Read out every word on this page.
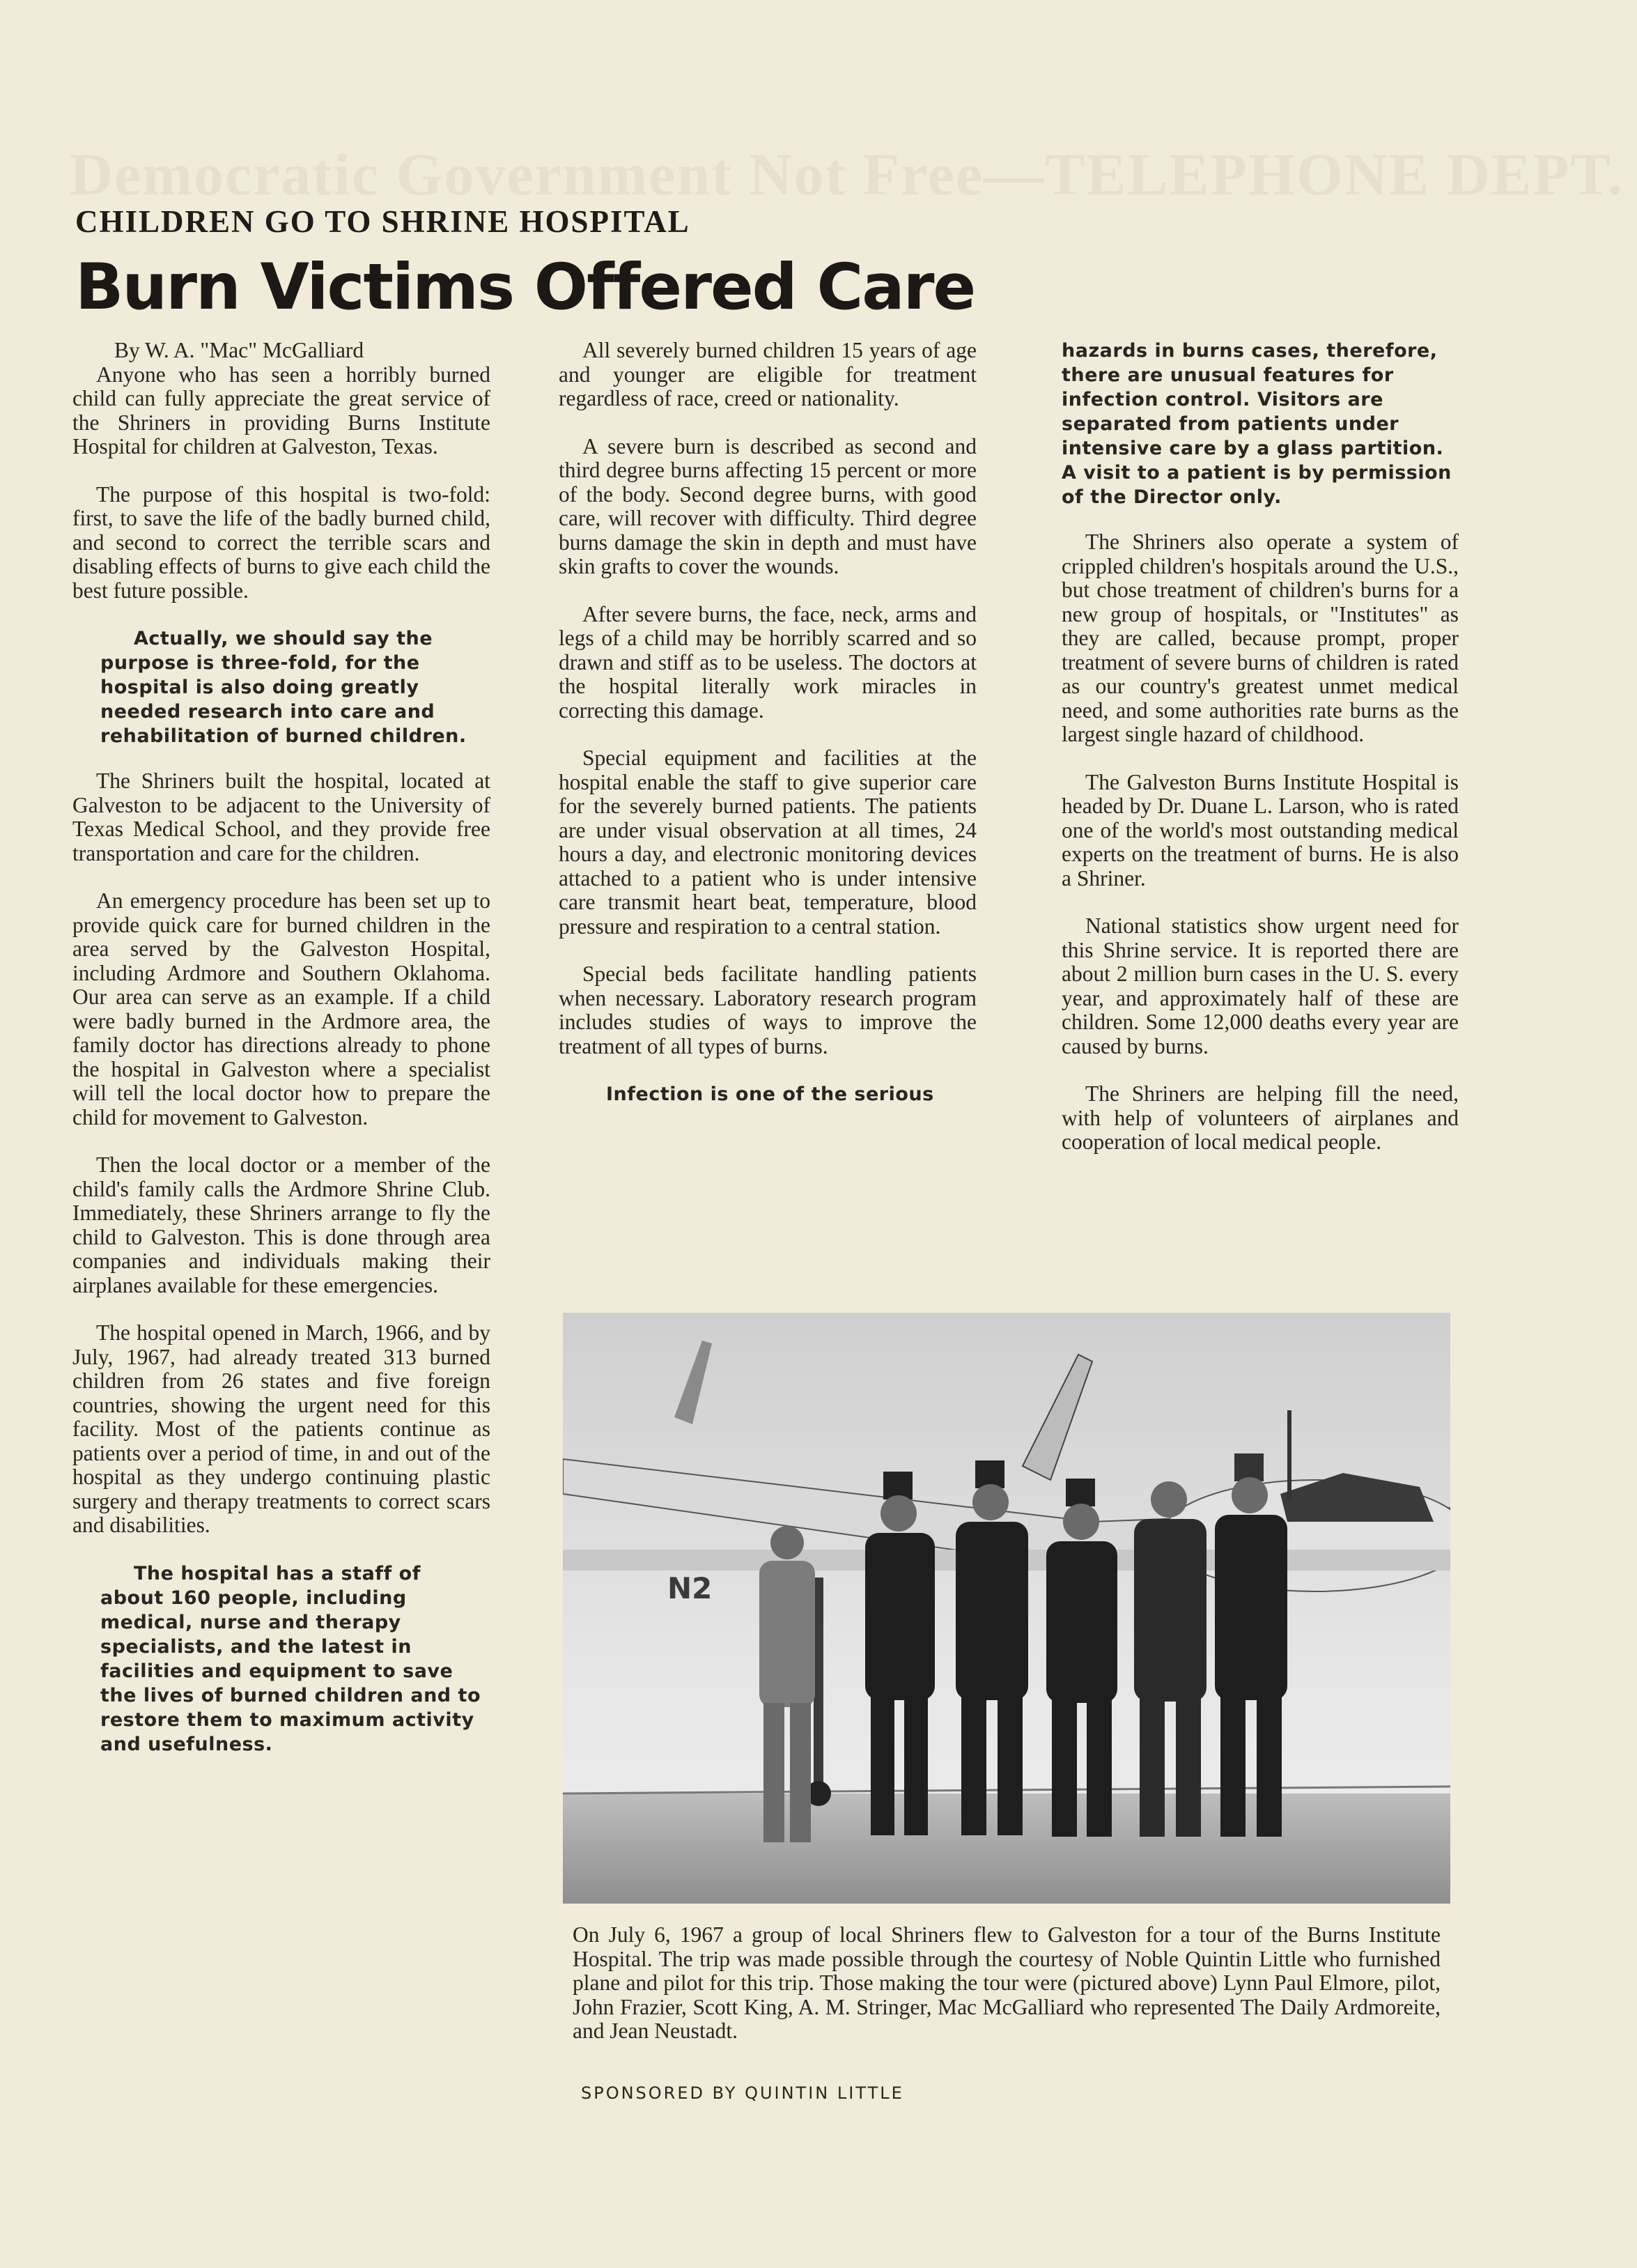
Democratic Government Not Free—TELEPHONE DEPT.
CHILDREN GO TO SHRINE HOSPITAL
Burn Victims Offered Care

By W. A. "Mac" McGalliard

Anyone who has seen a horribly burned child can fully appreciate the great service of the Shriners in providing Burns Institute Hospital for children at Galveston, Texas.

The purpose of this hospital is two-fold: first, to save the life of the badly burned child, and second to correct the terrible scars and disabling effects of burns to give each child the best future possible.

Actually, we should say the purpose is three-fold, for the hospital is also doing greatly needed research into care and rehabilitation of burned children.

The Shriners built the hospital, located at Galveston to be adjacent to the University of Texas Medical School, and they provide free transportation and care for the children.

An emergency procedure has been set up to provide quick care for burned children in the area served by the Galveston Hospital, including Ardmore and Southern Oklahoma. Our area can serve as an example. If a child were badly burned in the Ardmore area, the family doctor has directions already to phone the hospital in Galveston where a specialist will tell the local doctor how to prepare the child for movement to Galveston.

Then the local doctor or a member of the child's family calls the Ardmore Shrine Club. Immediately, these Shriners arrange to fly the child to Galveston. This is done through area companies and individuals making their airplanes available for these emergencies.

The hospital opened in March, 1966, and by July, 1967, had already treated 313 burned children from 26 states and five foreign countries, showing the urgent need for this facility. Most of the patients continue as patients over a period of time, in and out of the hospital as they undergo continuing plastic surgery and therapy treatments to correct scars and disabilities.

The hospital has a staff of about 160 people, including medical, nurse and therapy specialists, and the latest in facilities and equipment to save the lives of burned children and to restore them to maximum activity and usefulness.

All severely burned children 15 years of age and younger are eligible for treatment regardless of race, creed or nationality.

A severe burn is described as second and third degree burns affecting 15 percent or more of the body. Second degree burns, with good care, will recover with difficulty. Third degree burns damage the skin in depth and must have skin grafts to cover the wounds.

After severe burns, the face, neck, arms and legs of a child may be horribly scarred and so drawn and stiff as to be useless. The doctors at the hospital literally work miracles in correcting this damage.

Special equipment and facilities at the hospital enable the staff to give superior care for the severely burned patients. The patients are under visual observation at all times, 24 hours a day, and electronic monitoring devices attached to a patient who is under intensive care transmit heart beat, temperature, blood pressure and respiration to a central station.

Special beds facilitate handling patients when necessary. Laboratory research program includes studies of ways to improve the treatment of all types of burns.

Infection is one of the serious

hazards in burns cases, therefore, there are unusual features for infection control. Visitors are separated from patients under intensive care by a glass partition. A visit to a patient is by permission of the Director only.

The Shriners also operate a system of crippled children's hospitals around the U.S., but chose treatment of children's burns for a new group of hospitals, or "Institutes" as they are called, because prompt, proper treatment of severe burns of children is rated as our country's greatest unmet medical need, and some authorities rate burns as the largest single hazard of childhood.

The Galveston Burns Institute Hospital is headed by Dr. Duane L. Larson, who is rated one of the world's most outstanding medical experts on the treatment of burns. He is also a Shriner.

National statistics show urgent need for this Shrine service. It is reported there are about 2 million burn cases in the U. S. every year, and approximately half of these are children. Some 12,000 deaths every year are caused by burns.

The Shriners are helping fill the need, with help of volunteers of airplanes and cooperation of local medical people.

N2

On July 6, 1967 a group of local Shriners flew to Galveston for a tour of the Burns Institute Hospital. The trip was made possible through the courtesy of Noble Quintin Little who furnished plane and pilot for this trip. Those making the tour were (pictured above) Lynn Paul Elmore, pilot, John Frazier, Scott King, A. M. Stringer, Mac McGalliard who represented The Daily Ardmoreite, and Jean Neustadt.

SPONSORED BY QUINTIN LITTLE
